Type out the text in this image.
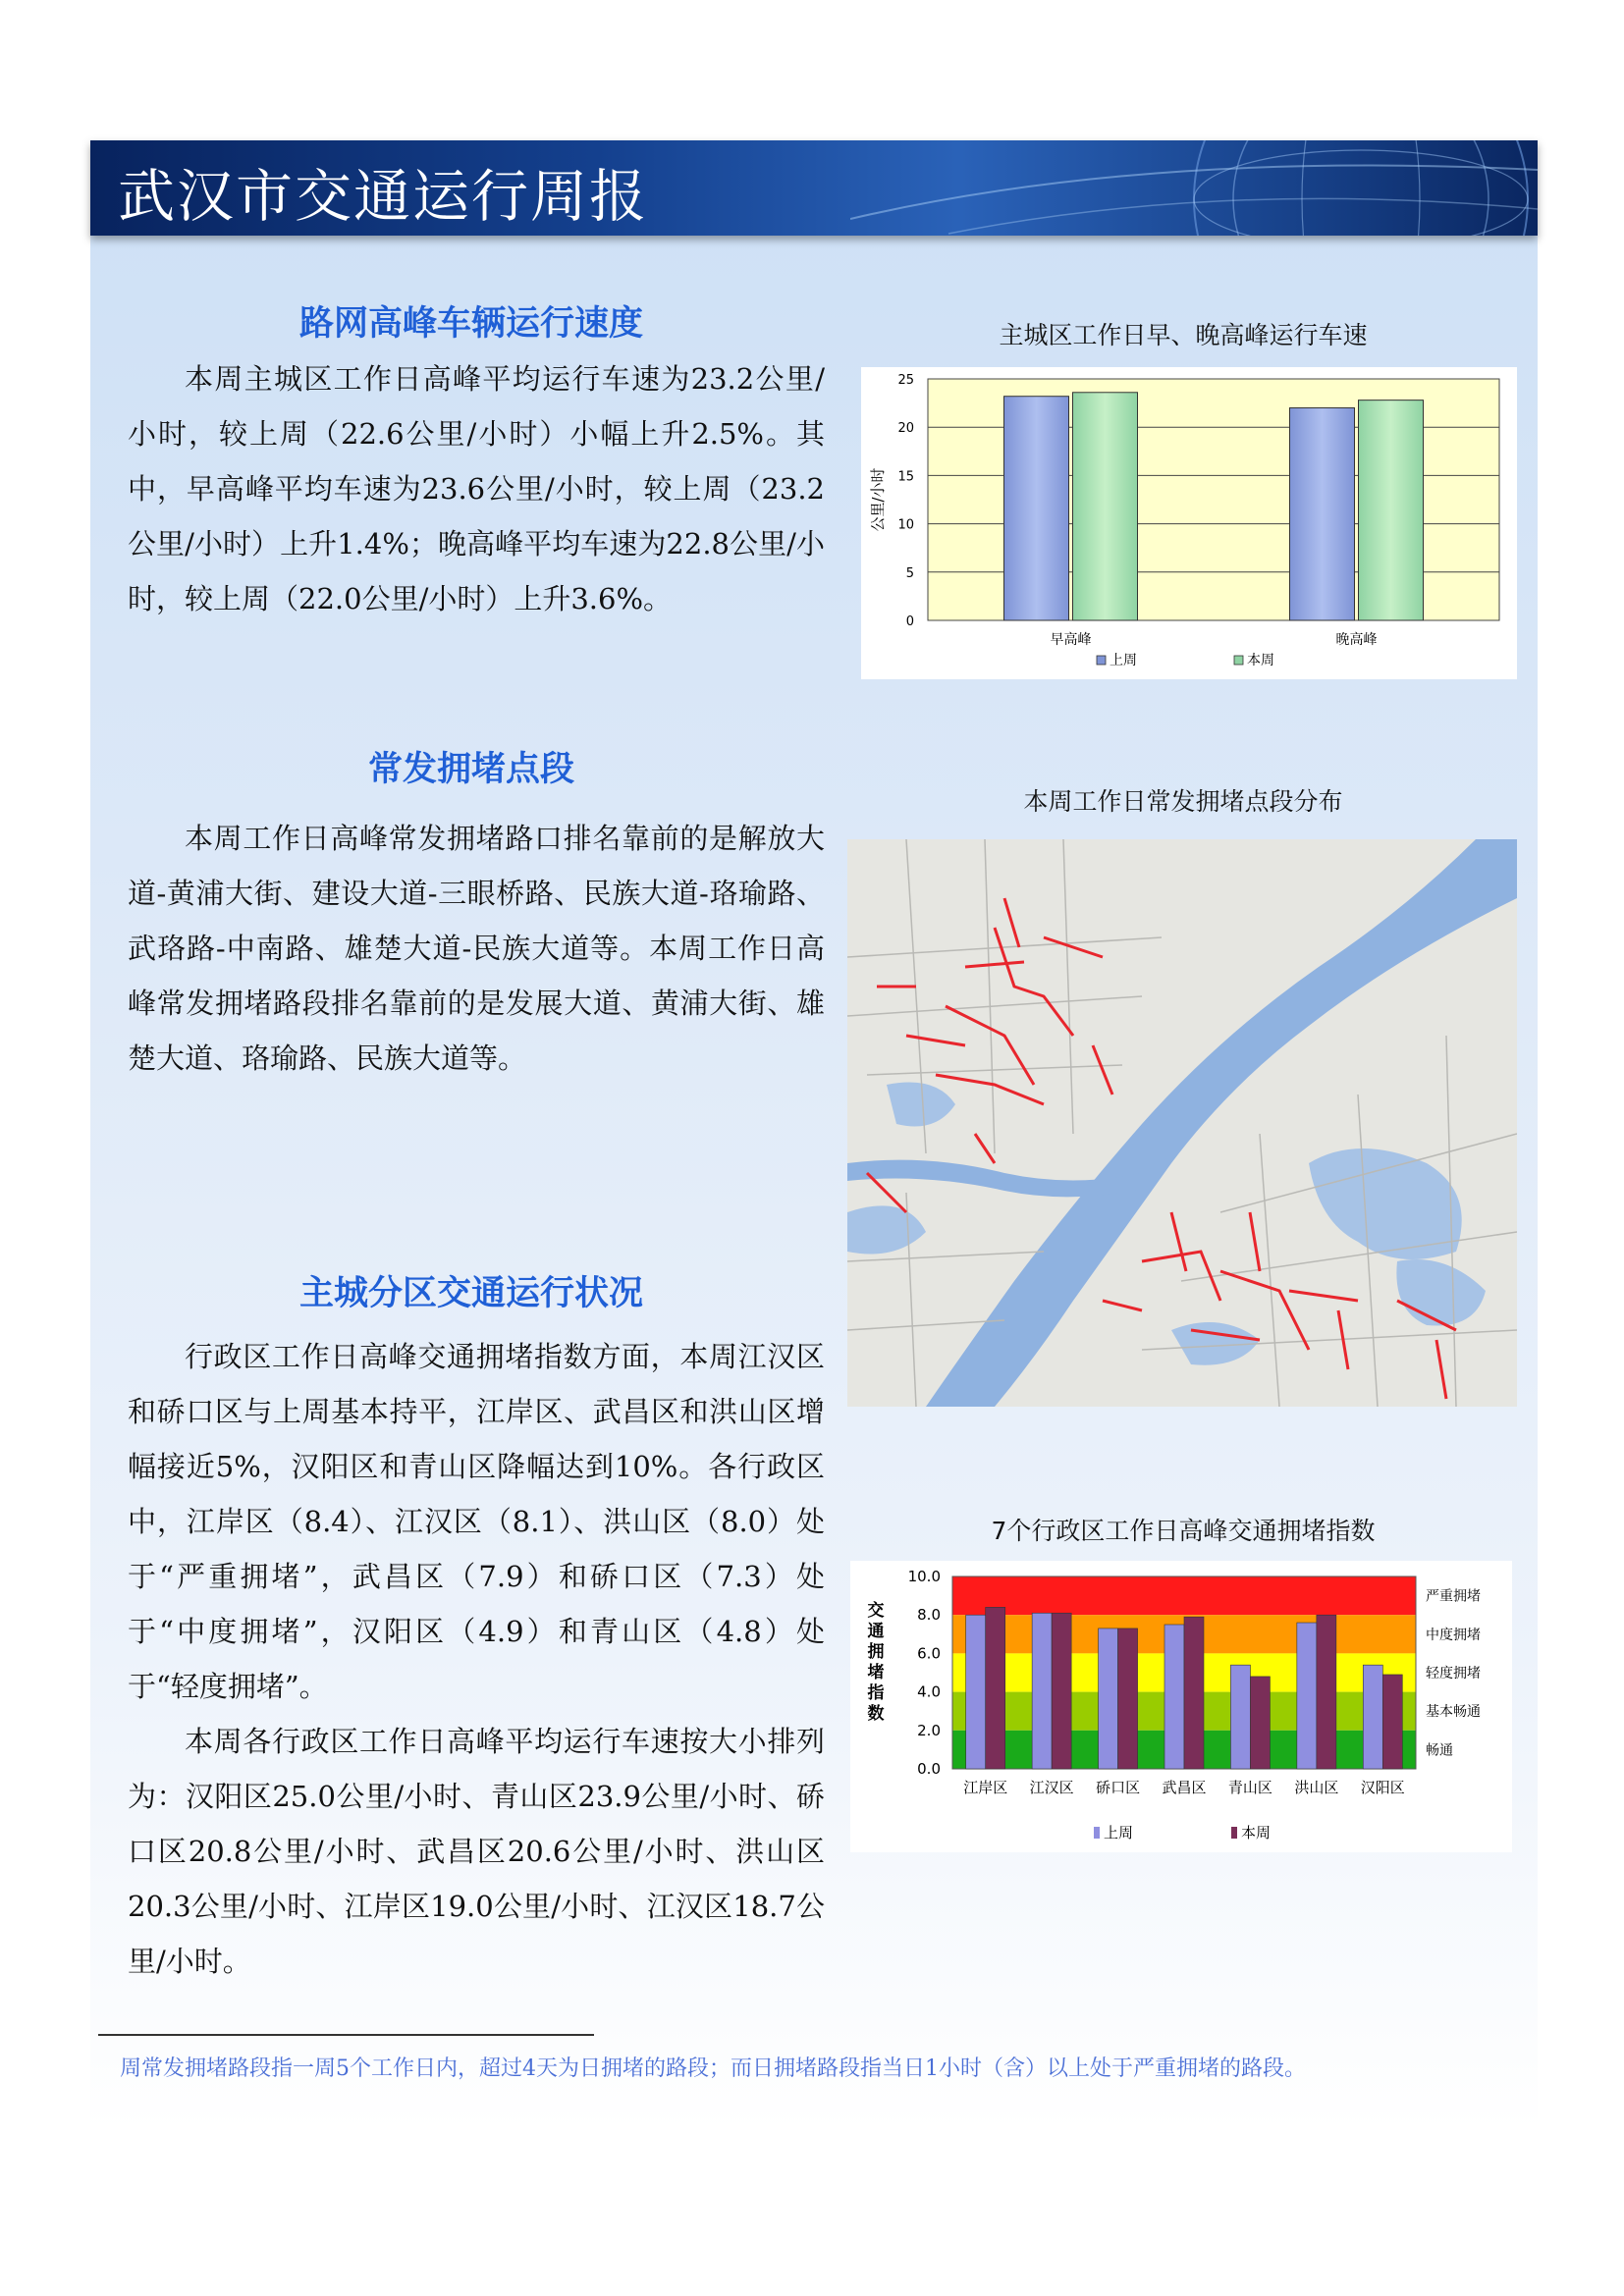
武汉市交通运行周报
路网高峰车辆运行速度
本周主城区工作日高峰平均运行车速为23.2公里/小时，较上周（22.6公里/小时）小幅上升2.5%。其中，早高峰平均车速为23.6公里/小时，较上周（23.2公里/小时）上升1.4%；晚高峰平均车速为22.8公里/小时，较上周（22.0公里/小时）上升3.6%。
主城区工作日早、晚高峰运行车速
0
5
10
15
20
25
公里/小时
早高峰	晚高峰
上周	本周
常发拥堵点段
本周工作日高峰常发拥堵路口排名靠前的是解放大道-黄浦大街、建设大道-三眼桥路、民族大道-珞瑜路、武珞路-中南路、雄楚大道-民族大道等。本周工作日高峰常发拥堵路段排名靠前的是发展大道、黄浦大街、雄楚大道、珞瑜路、民族大道等。
本周工作日常发拥堵点段分布
主城分区交通运行状况
行政区工作日高峰交通拥堵指数方面，本周江汉区和硚口区与上周基本持平，江岸区、武昌区和洪山区增幅接近5%，汉阳区和青山区降幅达到10%。各行政区中，江岸区（8.4）、江汉区（8.1）、洪山区（8.0）处于“严重拥堵”，武昌区（7.9）和硚口区（7.3）处于“中度拥堵”，汉阳区（4.9）和青山区（4.8）处于“轻度拥堵”。
本周各行政区工作日高峰平均运行车速按大小排列为：汉阳区25.0公里/小时、青山区23.9公里/小时、硚口区20.8公里/小时、武昌区20.6公里/小时、洪山区20.3公里/小时、江岸区19.0公里/小时、江汉区18.7公里/小时。
7个行政区工作日高峰交通拥堵指数
严重拥堵
中度拥堵
轻度拥堵
基本畅通
畅通
0.0
2.0
4.0
6.0
8.0
10.0
交
通
拥
堵
指
数
江岸区 江汉区 硚口区 武昌区 青山区 洪山区 汉阳区
上周	本周
周常发拥堵路段指一周5个工作日内，超过4天为日拥堵的路段；而日拥堵路段指当日1小时（含）以上处于严重拥堵的路段。
